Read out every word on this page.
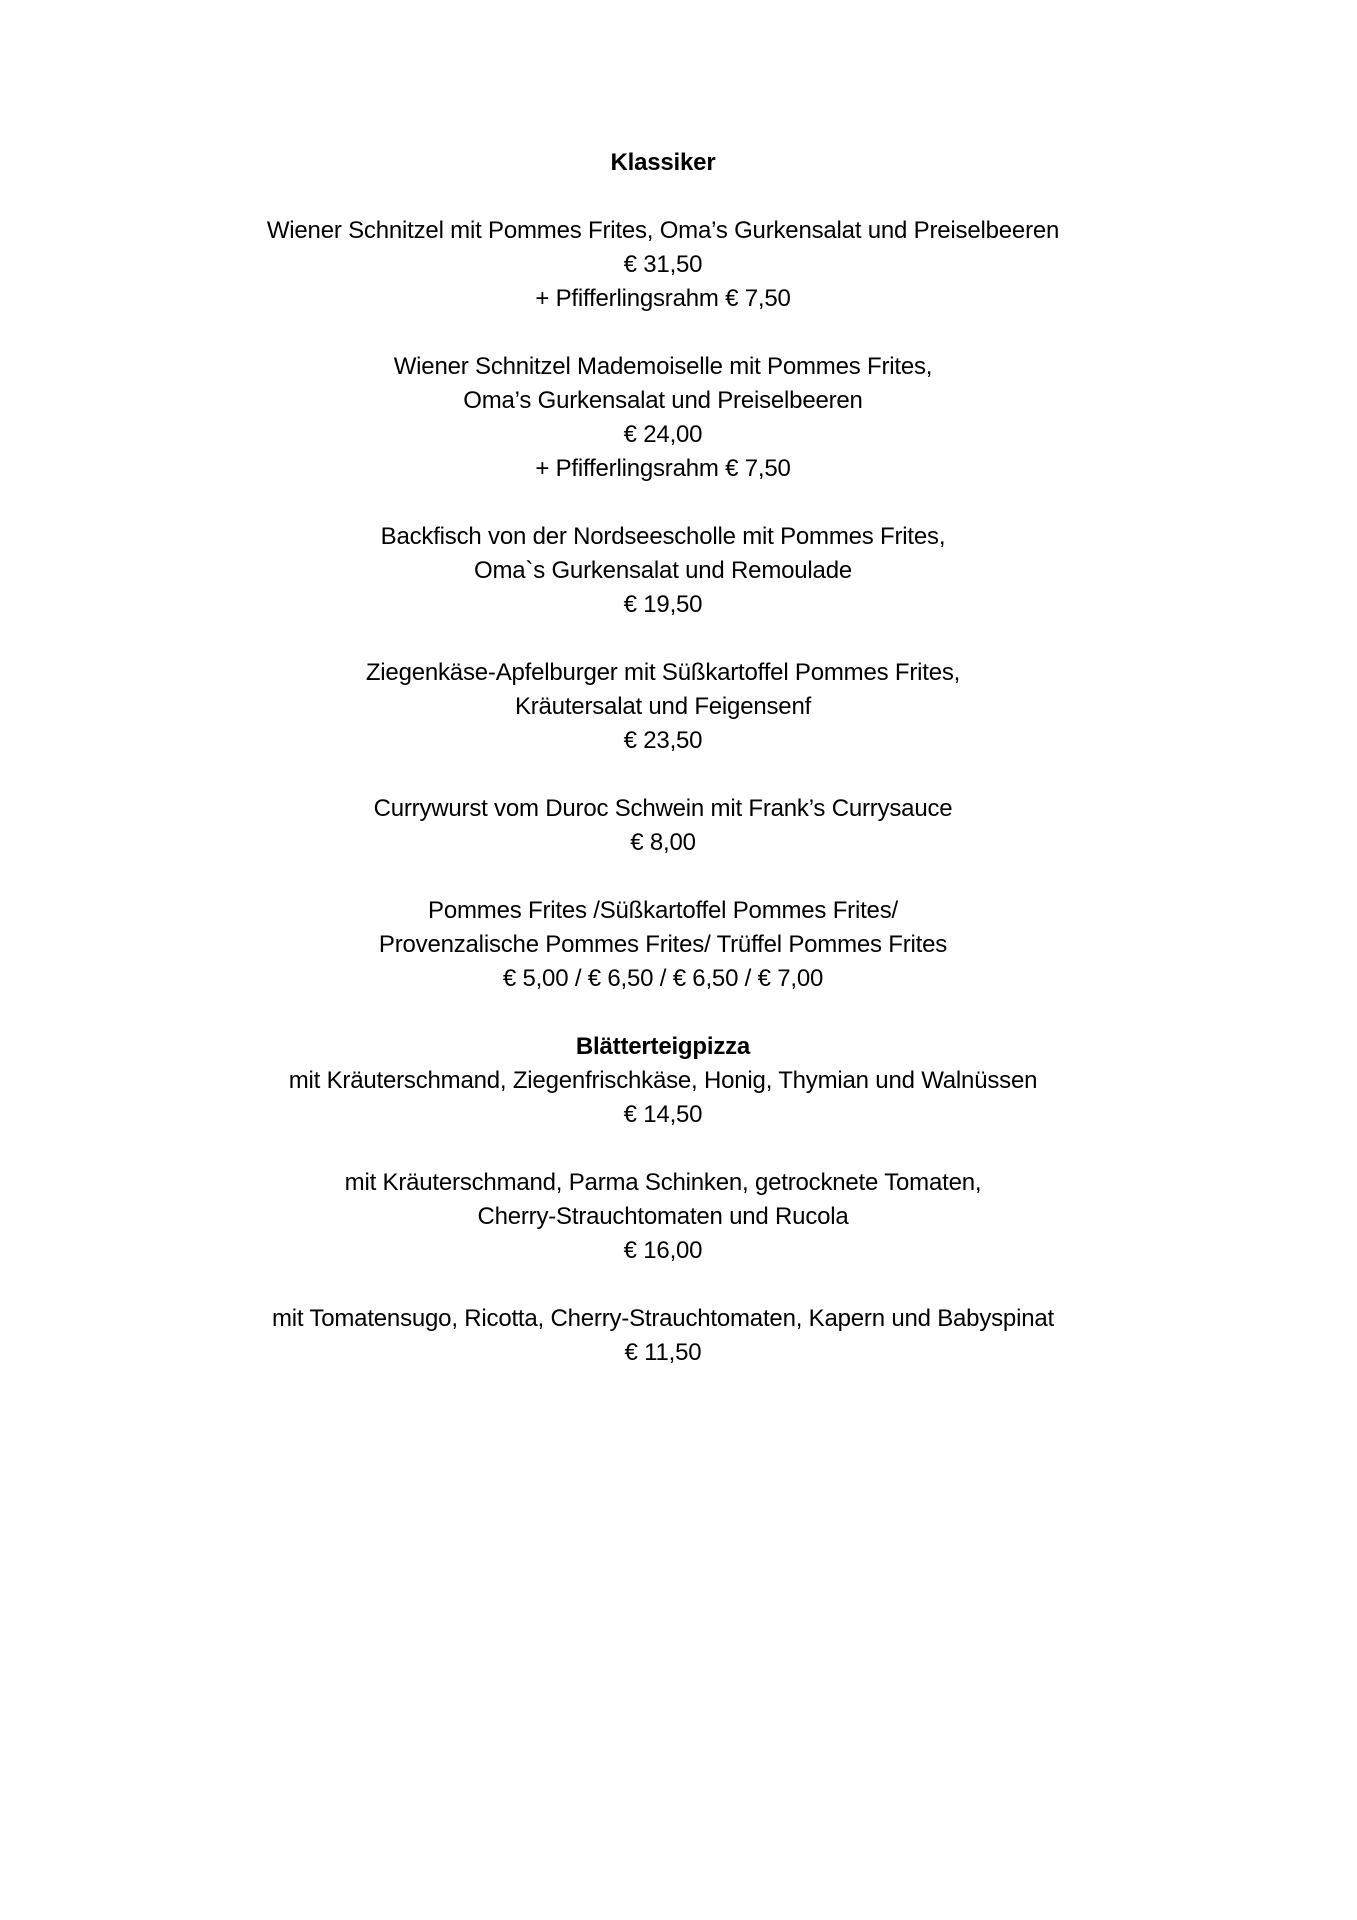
Klassiker
Wiener Schnitzel mit Pommes Frites, Oma’s Gurkensalat und Preiselbeeren
€ 31,50
+ Pfifferlingsrahm € 7,50
Wiener Schnitzel Mademoiselle mit Pommes Frites,
Oma’s Gurkensalat und Preiselbeeren
€ 24,00
+ Pfifferlingsrahm € 7,50
Backfisch von der Nordseescholle mit Pommes Frites,
Oma`s Gurkensalat und Remoulade
€ 19,50
Ziegenkäse-Apfelburger mit Süßkartoffel Pommes Frites,
Kräutersalat und Feigensenf
€ 23,50
Currywurst vom Duroc Schwein mit Frank’s Currysauce
€ 8,00
Pommes Frites /Süßkartoffel Pommes Frites/
Provenzalische Pommes Frites/ Trüffel Pommes Frites
€ 5,00 / € 6,50 / € 6,50 / € 7,00
Blätterteigpizza
mit Kräuterschmand, Ziegenfrischkäse, Honig, Thymian und Walnüssen
€ 14,50
mit Kräuterschmand, Parma Schinken, getrocknete Tomaten,
Cherry-Strauchtomaten und Rucola
€ 16,00
mit Tomatensugo, Ricotta, Cherry-Strauchtomaten, Kapern und Babyspinat
€ 11,50
